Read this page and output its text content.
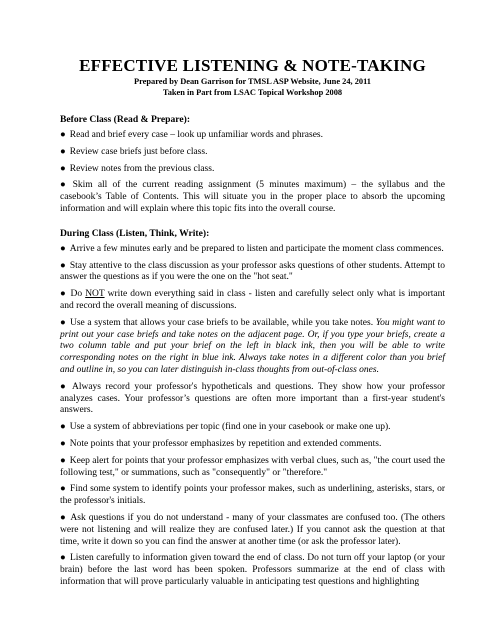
EFFECTIVE LISTENING & NOTE-TAKING
Prepared by Dean Garrison for TMSL ASP Website, June 24, 2011
Taken in Part from LSAC Topical Workshop 2008
Before Class (Read & Prepare):

● Read and brief every case – look up unfamiliar words and phrases.

● Review case briefs just before class.

● Review notes from the previous class.

● Skim all of the current reading assignment (5 minutes maximum) – the syllabus and the casebook’s Table of Contents. This will situate you in the proper place to absorb the upcoming information and will explain where this topic fits into the overall course.

During Class (Listen, Think, Write):

● Arrive a few minutes early and be prepared to listen and participate the moment class commences.

● Stay attentive to the class discussion as your professor asks questions of other students. Attempt to answer the questions as if you were the one on the "hot seat."

● Do NOT write down everything said in class - listen and carefully select only what is important and record the overall meaning of discussions.

● Use a system that allows your case briefs to be available, while you take notes. You might want to print out your case briefs and take notes on the adjacent page. Or, if you type your briefs, create a two column table and put your brief on the left in black ink, then you will be able to write corresponding notes on the right in blue ink. Always take notes in a different color than you brief and outline in, so you can later distinguish in-class thoughts from out-of-class ones.

● Always record your professor's hypotheticals and questions. They show how your professor analyzes cases. Your professor’s questions are often more important than a first-year student's answers.

● Use a system of abbreviations per topic (find one in your casebook or make one up).

● Note points that your professor emphasizes by repetition and extended comments.

● Keep alert for points that your professor emphasizes with verbal clues, such as, "the court used the following test," or summations, such as "consequently" or "therefore."

● Find some system to identify points your professor makes, such as underlining, asterisks, stars, or the professor's initials.

● Ask questions if you do not understand - many of your classmates are confused too. (The others were not listening and will realize they are confused later.) If you cannot ask the question at that time, write it down so you can find the answer at another time (or ask the professor later).

● Listen carefully to information given toward the end of class. Do not turn off your laptop (or your brain) before the last word has been spoken. Professors summarize at the end of class with information that will prove particularly valuable in anticipating test questions and highlighting
